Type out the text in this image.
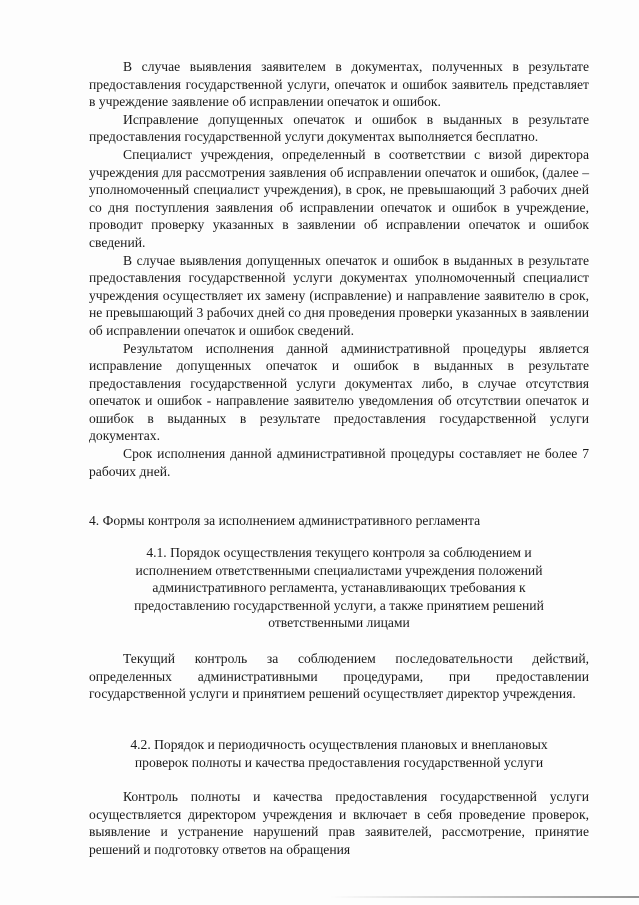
В случае выявления заявителем в документах, полученных в результате предоставления государственной услуги, опечаток и ошибок заявитель представляет в учреждение заявление об исправлении опечаток и ошибок.

Исправление допущенных опечаток и ошибок в выданных в результате предоставления государственной услуги документах выполняется бесплатно.

Специалист учреждения, определенный в соответствии с визой директора учреждения для рассмотрения заявления об исправлении опечаток и ошибок, (далее – уполномоченный специалист учреждения), в срок, не превышающий 3 рабочих дней со дня поступления заявления об исправлении опечаток и ошибок в учреждение, проводит проверку указанных в заявлении об исправлении опечаток и ошибок сведений.

В случае выявления допущенных опечаток и ошибок в выданных в результате предоставления государственной услуги документах уполномоченный специалист учреждения осуществляет их замену (исправление) и направление заявителю в срок, не превышающий 3 рабочих дней со дня проведения проверки указанных в заявлении об исправлении опечаток и ошибок сведений.

Результатом исполнения данной административной процедуры является исправление допущенных опечаток и ошибок в выданных в результате предоставления государственной услуги документах либо, в случае отсутствия опечаток и ошибок - направление заявителю уведомления об отсутствии опечаток и ошибок в выданных в результате предоставления государственной услуги документах.

Срок исполнения данной административной процедуры составляет не более 7 рабочих дней.

4. Формы контроля за исполнением административного регламента

4.1. Порядок осуществления текущего контроля за соблюдением и исполнением ответственными специалистами учреждения положений административного регламента, устанавливающих требования к предоставлению государственной услуги, а также принятием решений ответственными лицами

Текущий контроль за соблюдением последовательности действий, определенных административными процедурами, при предоставлении государственной услуги и принятием решений осуществляет директор учреждения.

4.2. Порядок и периодичность осуществления плановых и внеплановых проверок полноты и качества предоставления государственной услуги

Контроль полноты и качества предоставления государственной услуги осуществляется директором учреждения и включает в себя проведение проверок, выявление и устранение нарушений прав заявителей, рассмотрение, принятие решений и подготовку ответов на обращения
